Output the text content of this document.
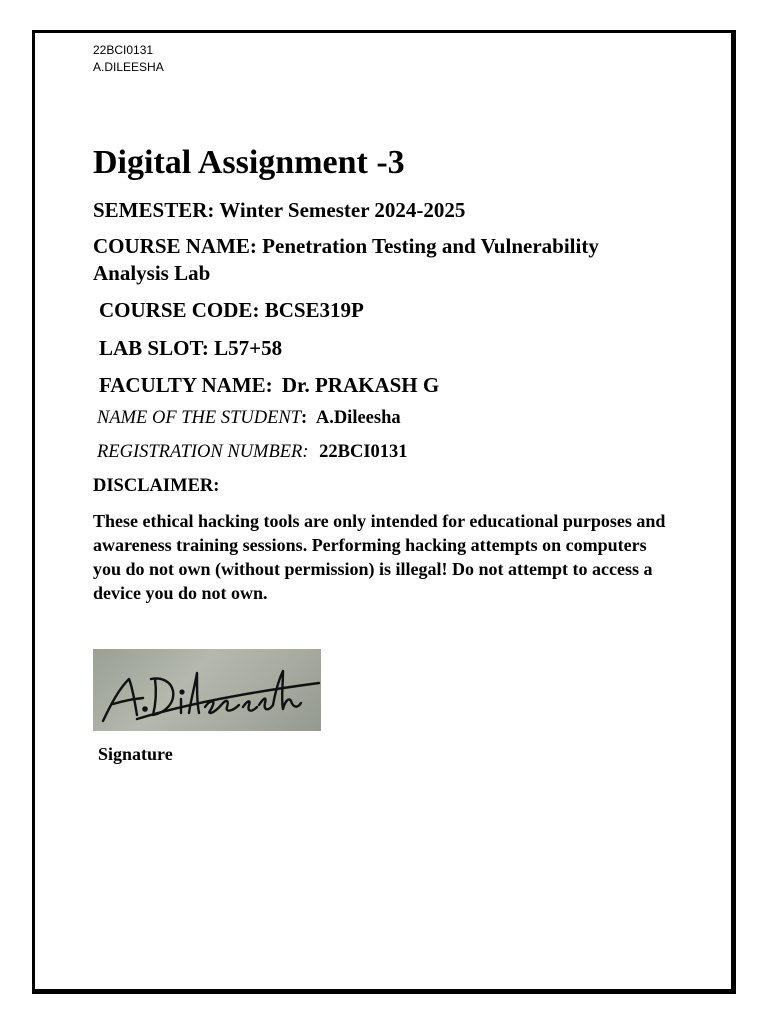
22BCI0131
A.DILEESHA
Digital Assignment -3
SEMESTER: Winter Semester 2024-2025
COURSE NAME: Penetration Testing and Vulnerability
Analysis Lab
COURSE CODE: BCSE319P
LAB SLOT: L57+58
FACULTY NAME: Dr. PRAKASH G
NAME OF THE STUDENT: A.Dileesha
REGISTRATION NUMBER: 22BCI0131
DISCLAIMER:
These ethical hacking tools are only intended for educational purposes and awareness training sessions. Performing hacking attempts on computers you do not own (without permission) is illegal! Do not attempt to access a device you do not own.
Signature
